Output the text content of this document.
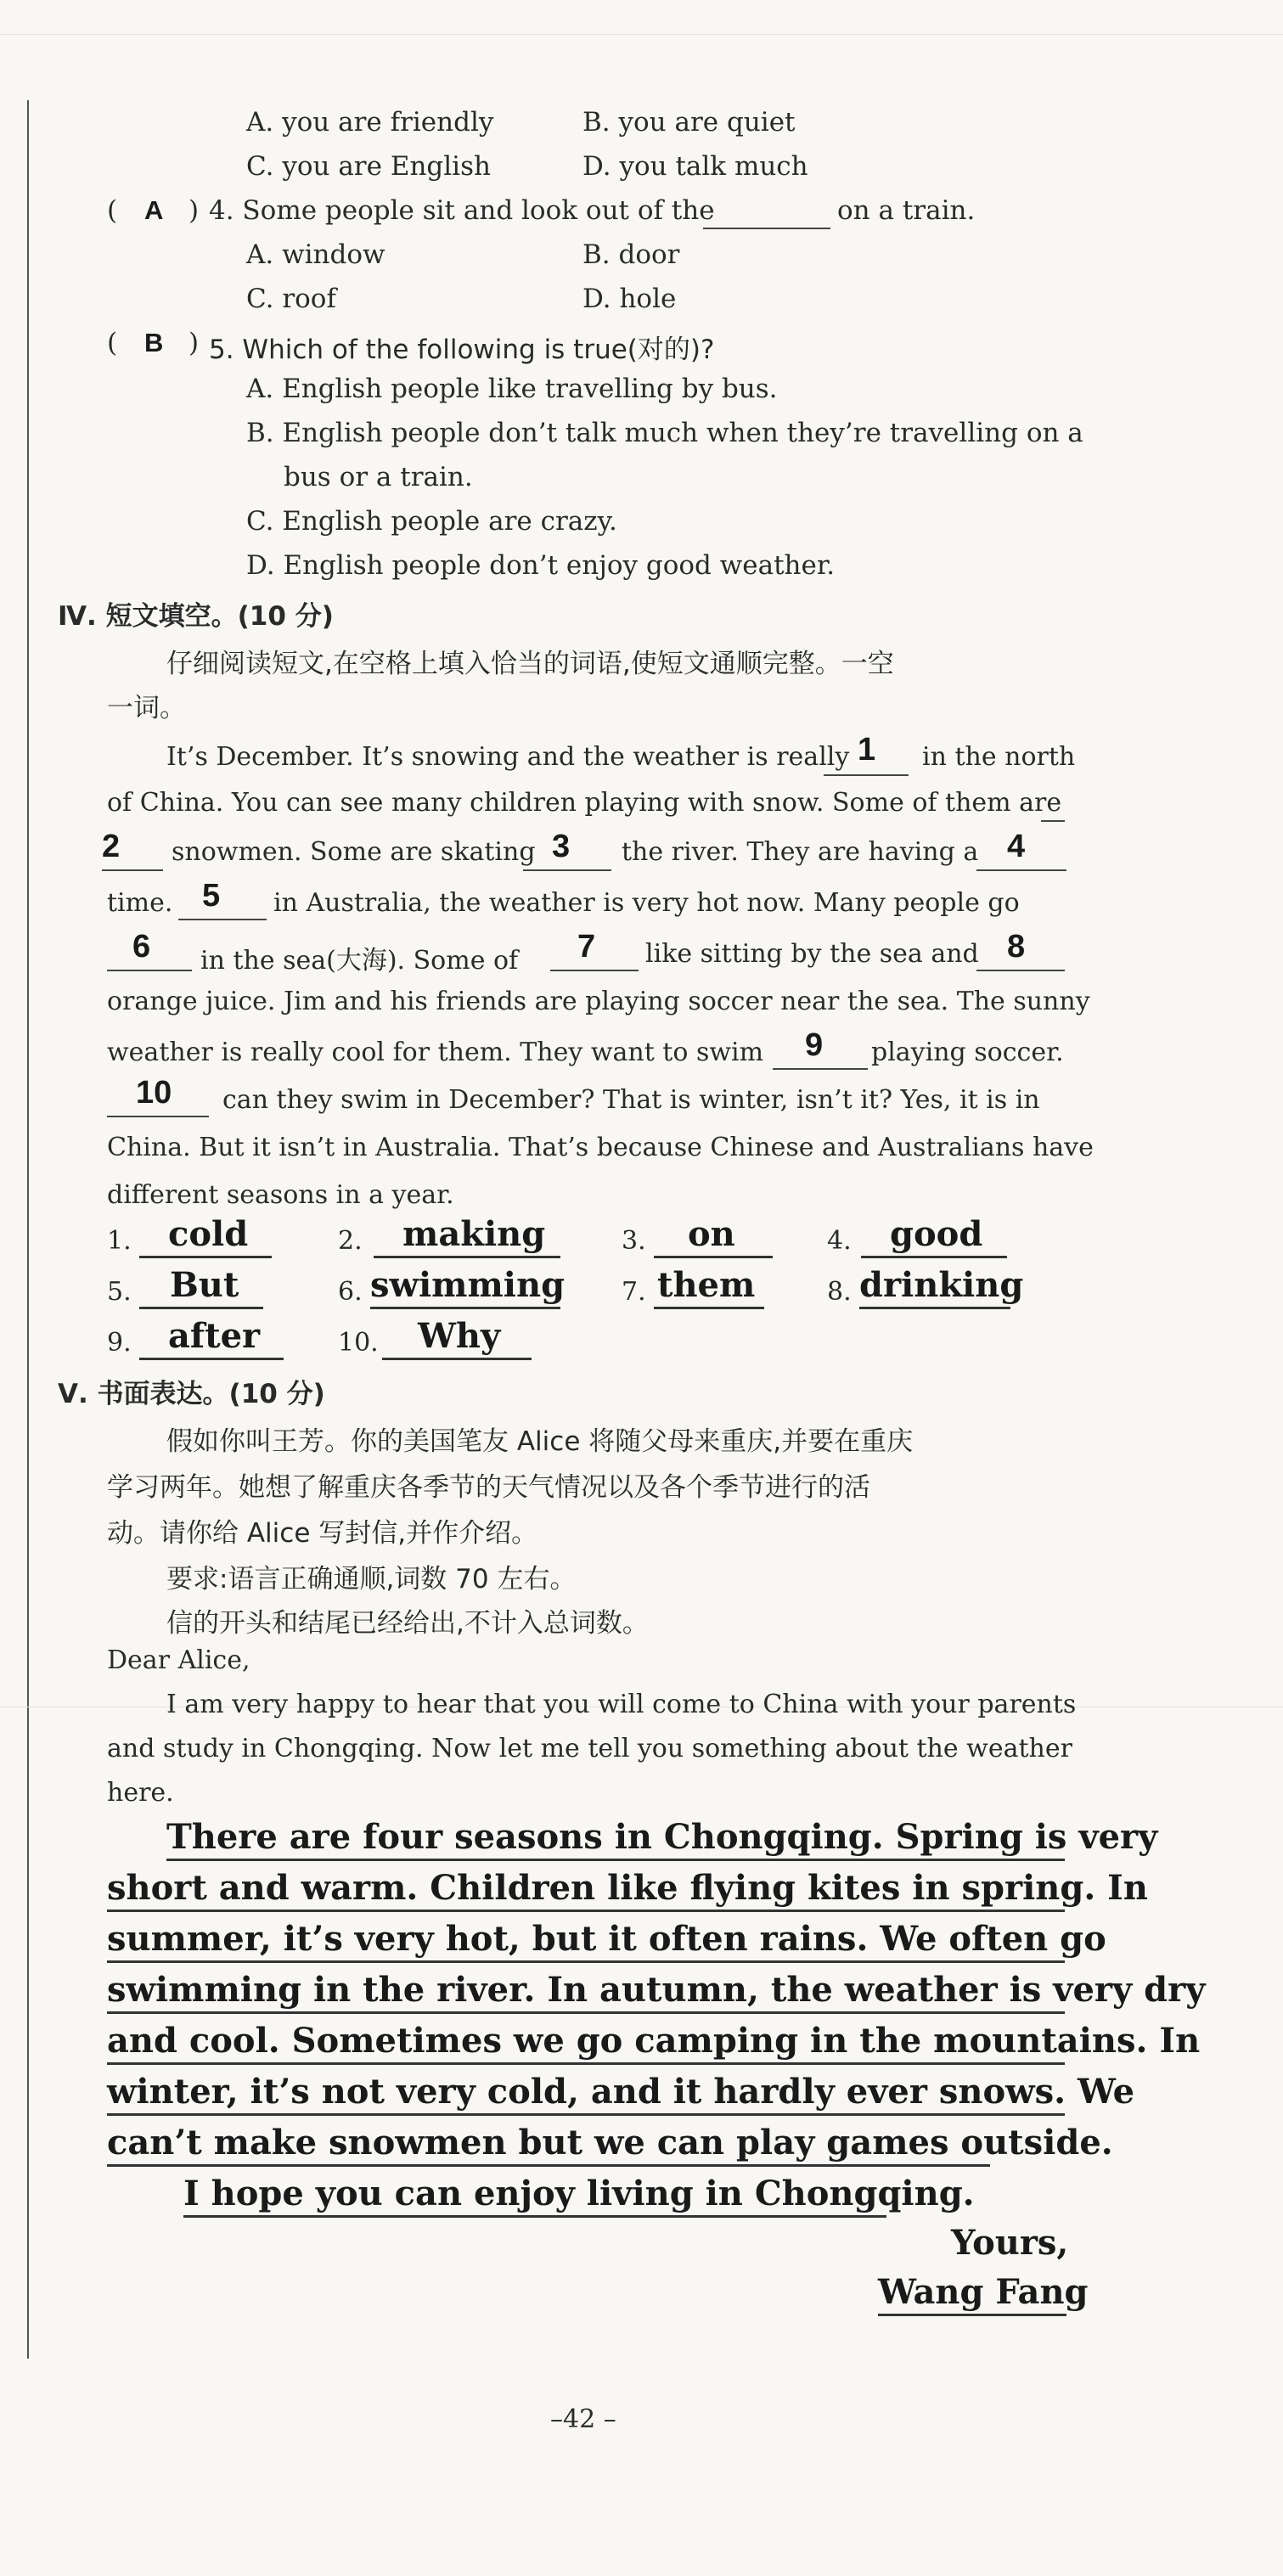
A. you are friendly	B. you are quiet
C. you are English	D. you talk much
( A ) 4. Some people sit and look out of the	on a train.
A. window	B. door
C. roof	D. hole
( B ) 5. Which of the following is true(对的)?
A. English people like travelling by bus.
B. English people don’t talk much when they’re travelling on a
bus or a train.
C. English people are crazy.
D. English people don’t enjoy good weather.
Ⅳ. 短文填空。(10 分)
仔细阅读短文,在空格上填入恰当的词语,使短文通顺完整。一空
一词。
It’s December. It’s snowing and the weather is really 1 in the north
of China. You can see many children playing with snow. Some of them are
2 snowmen. Some are skating 3 the river. They are having a 4
time. 5 in Australia, the weather is very hot now. Many people go
6 in the sea(大海). Some of 7 like sitting by the sea and 8
orange juice. Jim and his friends are playing soccer near the sea. The sunny
weather is really cool for them. They want to swim 9 playing soccer.
10 can they swim in December? That is winter, isn’t it? Yes, it is in
China. But it isn’t in Australia. That’s because Chinese and Australians have
different seasons in a year.
1.	cold	2.	making	3.	on	4.	good
5.	But	6. swimming 7. them	8. drinking
9.	after	10.	Why
Ⅴ. 书面表达。(10 分)
假如你叫王芳。你的美国笔友 Alice 将随父母来重庆,并要在重庆
学习两年。她想了解重庆各季节的天气情况以及各个季节进行的活
动。请你给 Alice 写封信,并作介绍。
要求:语言正确通顺,词数 70 左右。
信的开头和结尾已经给出,不计入总词数。
Dear Alice,
I am very happy to hear that you will come to China with your parents
and study in Chongqing. Now let me tell you something about the weather
here.
There are four seasons in Chongqing. Spring is very
short and warm. Children like flying kites in spring. In
summer, it’s very hot, but it often rains. We often go
swimming in the river. In autumn, the weather is very dry
and cool. Sometimes we go camping in the mountains. In
winter, it’s not very cold, and it hardly ever snows. We
can’t make snowmen but we can play games outside.
I hope you can enjoy living in Chongqing.
Yours,
Wang Fang
–42 –
